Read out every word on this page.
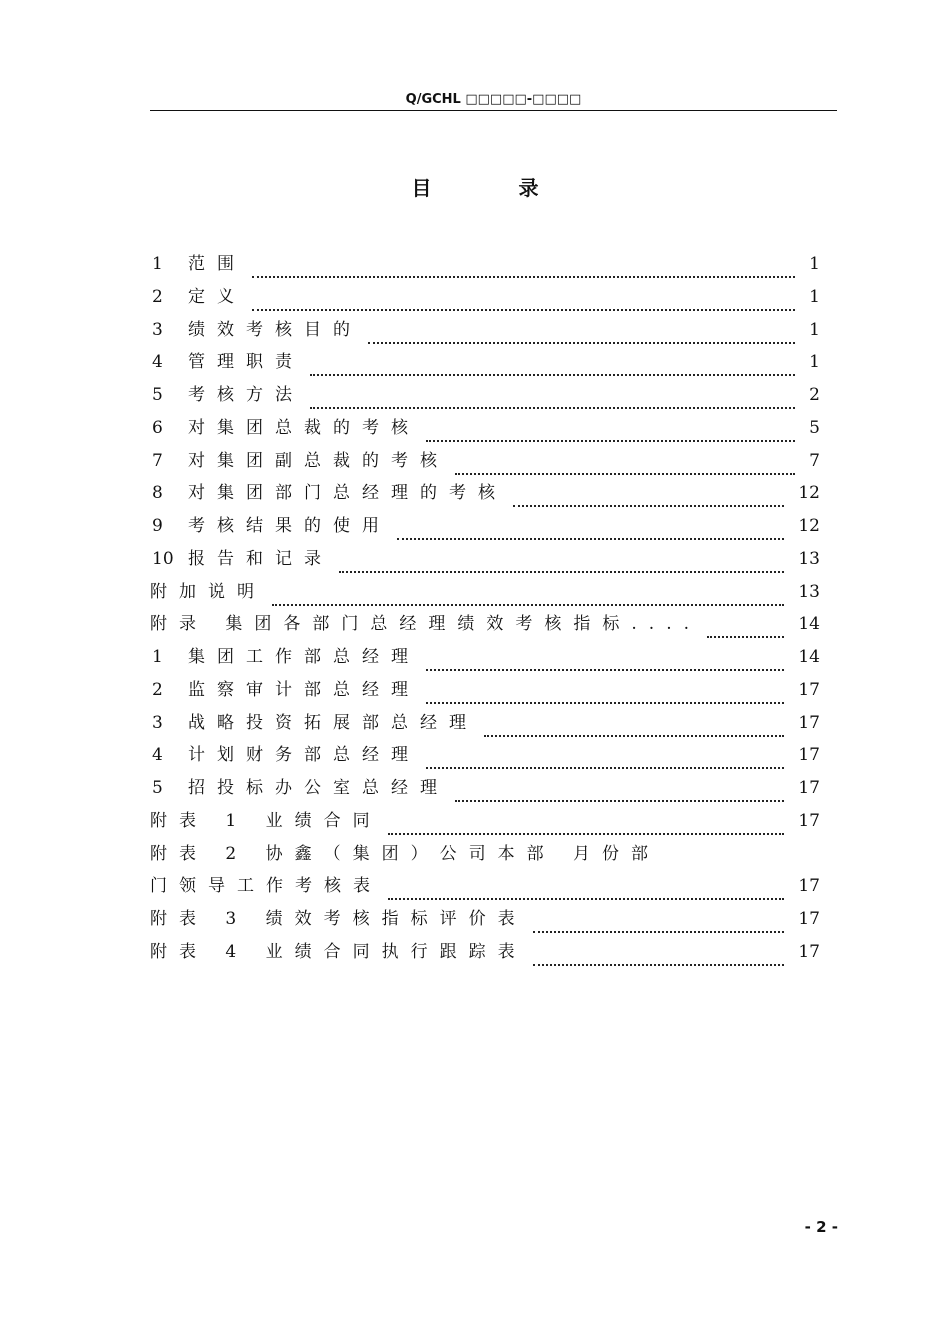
Q/GCHL □□□□□-□□□□
目 录
1 范围	1
2 定义	1
3 绩效考核目的	1
4 管理职责	1
5 考核方法	2
6 对集团总裁的考核	5
7 对集团副总裁的考核	7
8 对集团部门总经理的考核	12
9 考核结果的使用	12
10 报告和记录	13
附加说明	13
附录 集团各部门总经理绩效考核指标....	14
1 集团工作部总经理	14
2 监察审计部总经理	17
3 战略投资拓展部总经理	17
4 计划财务部总经理	17
5 招投标办公室总经理	17
附表 1 业绩合同	17
附表 2 协鑫（集团）公司本部 月份部
门领导工作考核表	17
附表 3 绩效考核指标评价表	17
附表 4 业绩合同执行跟踪表	17
- 2 -
